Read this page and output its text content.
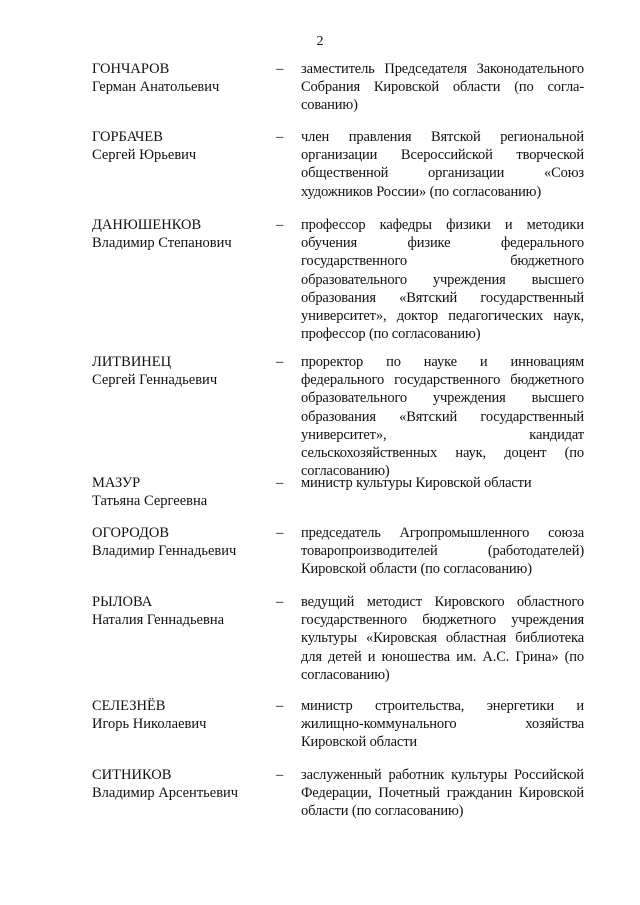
2
ГОНЧАРОВ
Герман Анатольевич
– заместитель Председателя Законодательного Собрания Кировской области (по согла-сованию)
ГОРБАЧЕВ
Сергей Юрьевич
– член правления Вятской региональной организации Всероссийской творческой общественной организации «Союз художников России» (по согласованию)
ДАНЮШЕНКОВ
Владимир Степанович
– профессор кафедры физики и методики обучения физике федерального государственного бюджетного образовательного учреждения высшего образования «Вятский государственный университет», доктор педагогических наук, профессор (по согласованию)
ЛИТВИНЕЦ
Сергей Геннадьевич
– проректор по науке и инновациям федерального государственного бюджетного образовательного учреждения высшего образования «Вятский государственный университет», кандидат сельскохозяйственных наук, доцент (по согласованию)
МАЗУР
Татьяна Сергеевна
– министр культуры Кировской области
ОГОРОДОВ
Владимир Геннадьевич
– председатель Агропромышленного союза товаропроизводителей (работодателей) Кировской области (по согласованию)
РЫЛОВА
Наталия Геннадьевна
– ведущий методист Кировского областного государственного бюджетного учреждения культуры «Кировская областная библиотека для детей и юношества им. А.С. Грина» (по согласованию)
СЕЛЕЗНЁВ
Игорь Николаевич
– министр строительства, энергетики и жилищно-коммунального хозяйства Кировской области
СИТНИКОВ
Владимир Арсентьевич
– заслуженный работник культуры Российской Федерации, Почетный гражданин Кировской области (по согласованию)
